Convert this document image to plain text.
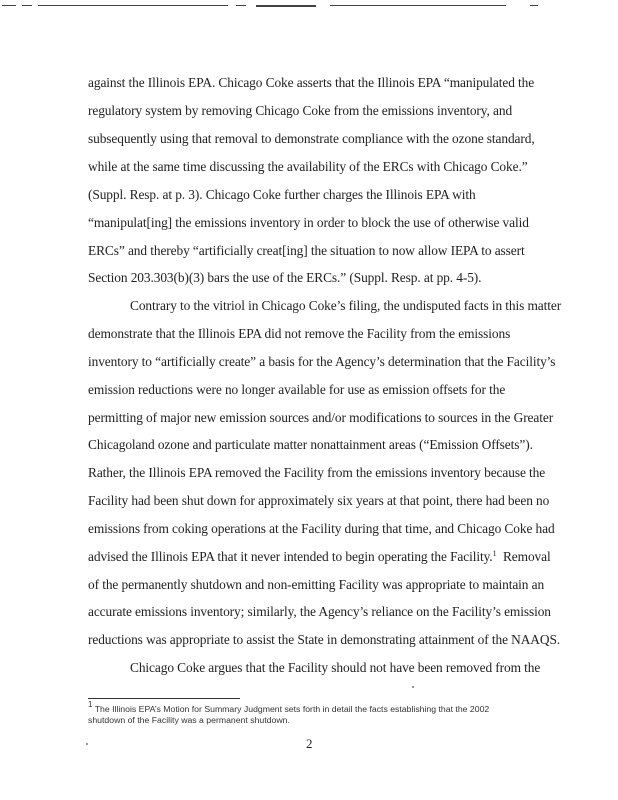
against the Illinois EPA. Chicago Coke asserts that the Illinois EPA “manipulated the
regulatory system by removing Chicago Coke from the emissions inventory, and
subsequently using that removal to demonstrate compliance with the ozone standard,
while at the same time discussing the availability of the ERCs with Chicago Coke.”
(Suppl. Resp. at p. 3). Chicago Coke further charges the Illinois EPA with
“manipulat[ing] the emissions inventory in order to block the use of otherwise valid
ERCs” and thereby “artificially creat[ing] the situation to now allow IEPA to assert
Section 203.303(b)(3) bars the use of the ERCs.” (Suppl. Resp. at pp. 4-5).
Contrary to the vitriol in Chicago Coke’s filing, the undisputed facts in this matter
demonstrate that the Illinois EPA did not remove the Facility from the emissions
inventory to “artificially create” a basis for the Agency’s determination that the Facility’s
emission reductions were no longer available for use as emission offsets for the
permitting of major new emission sources and/or modifications to sources in the Greater
Chicagoland ozone and particulate matter nonattainment areas (“Emission Offsets”).
Rather, the Illinois EPA removed the Facility from the emissions inventory because the
Facility had been shut down for approximately six years at that point, there had been no
emissions from coking operations at the Facility during that time, and Chicago Coke had
advised the Illinois EPA that it never intended to begin operating the Facility.$^1$ Removal
of the permanently shutdown and non-emitting Facility was appropriate to maintain an
accurate emissions inventory; similarly, the Agency’s reliance on the Facility’s emission
reductions was appropriate to assist the State in demonstrating attainment of the NAAQS.
Chicago Coke argues that the Facility should not have been removed from the
$^1$ The Illinois EPA’s Motion for Summary Judgment sets forth in detail the facts establishing that the 2002
shutdown of the Facility was a permanent shutdown.
2
